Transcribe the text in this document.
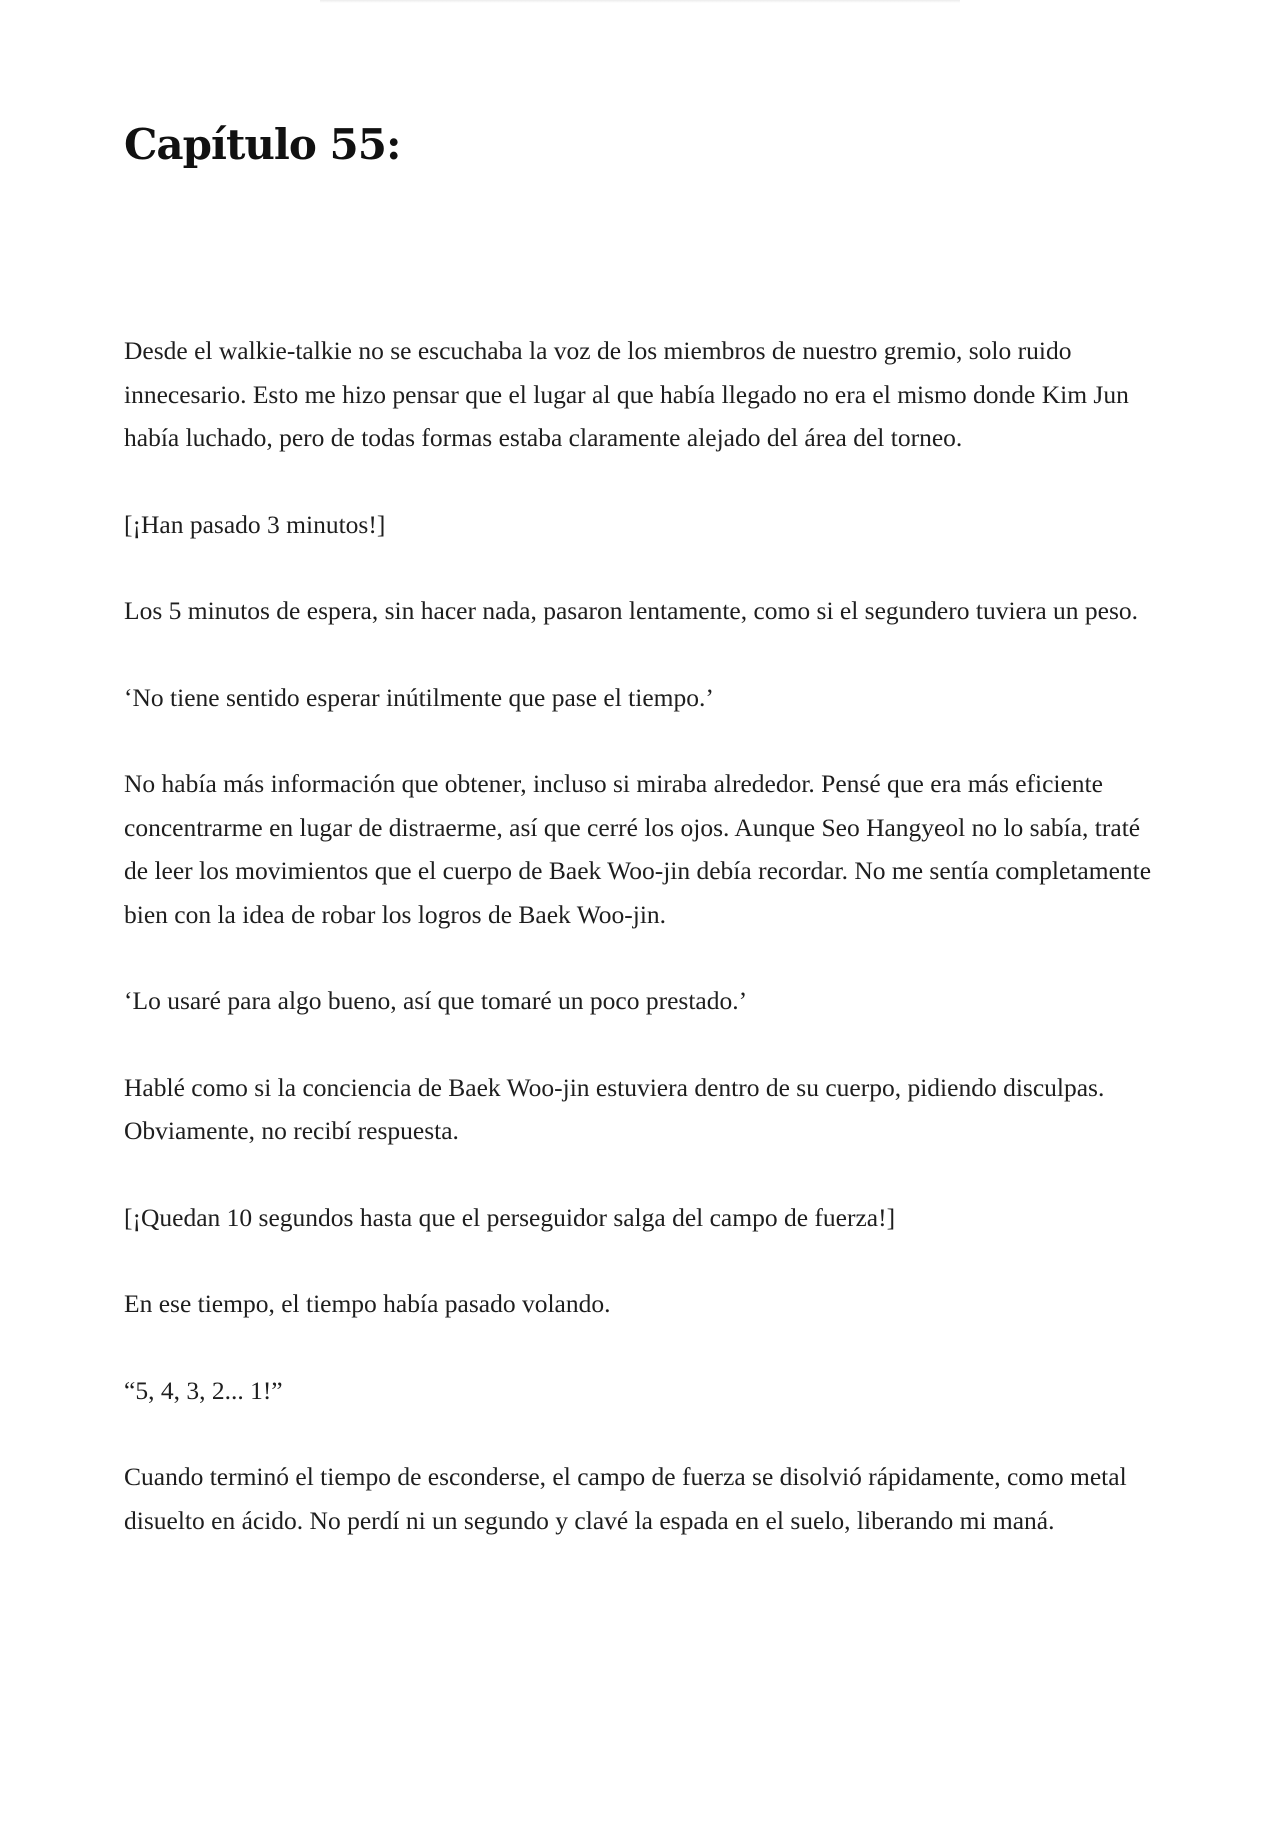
Capítulo 55:

Desde el walkie-talkie no se escuchaba la voz de los miembros de nuestro gremio, solo ruido innecesario. Esto me hizo pensar que el lugar al que había llegado no era el mismo donde Kim Jun había luchado, pero de todas formas estaba claramente alejado del área del torneo.

[¡Han pasado 3 minutos!]

Los 5 minutos de espera, sin hacer nada, pasaron lentamente, como si el segundero tuviera un peso.

‘No tiene sentido esperar inútilmente que pase el tiempo.’

No había más información que obtener, incluso si miraba alrededor. Pensé que era más eficiente concentrarme en lugar de distraerme, así que cerré los ojos. Aunque Seo Hangyeol no lo sabía, traté de leer los movimientos que el cuerpo de Baek Woo-jin debía recordar. No me sentía completamente bien con la idea de robar los logros de Baek Woo-jin.

‘Lo usaré para algo bueno, así que tomaré un poco prestado.’

Hablé como si la conciencia de Baek Woo-jin estuviera dentro de su cuerpo, pidiendo disculpas. Obviamente, no recibí respuesta.

[¡Quedan 10 segundos hasta que el perseguidor salga del campo de fuerza!]

En ese tiempo, el tiempo había pasado volando.

“5, 4, 3, 2... 1!”

Cuando terminó el tiempo de esconderse, el campo de fuerza se disolvió rápidamente, como metal disuelto en ácido. No perdí ni un segundo y clavé la espada en el suelo, liberando mi maná.
